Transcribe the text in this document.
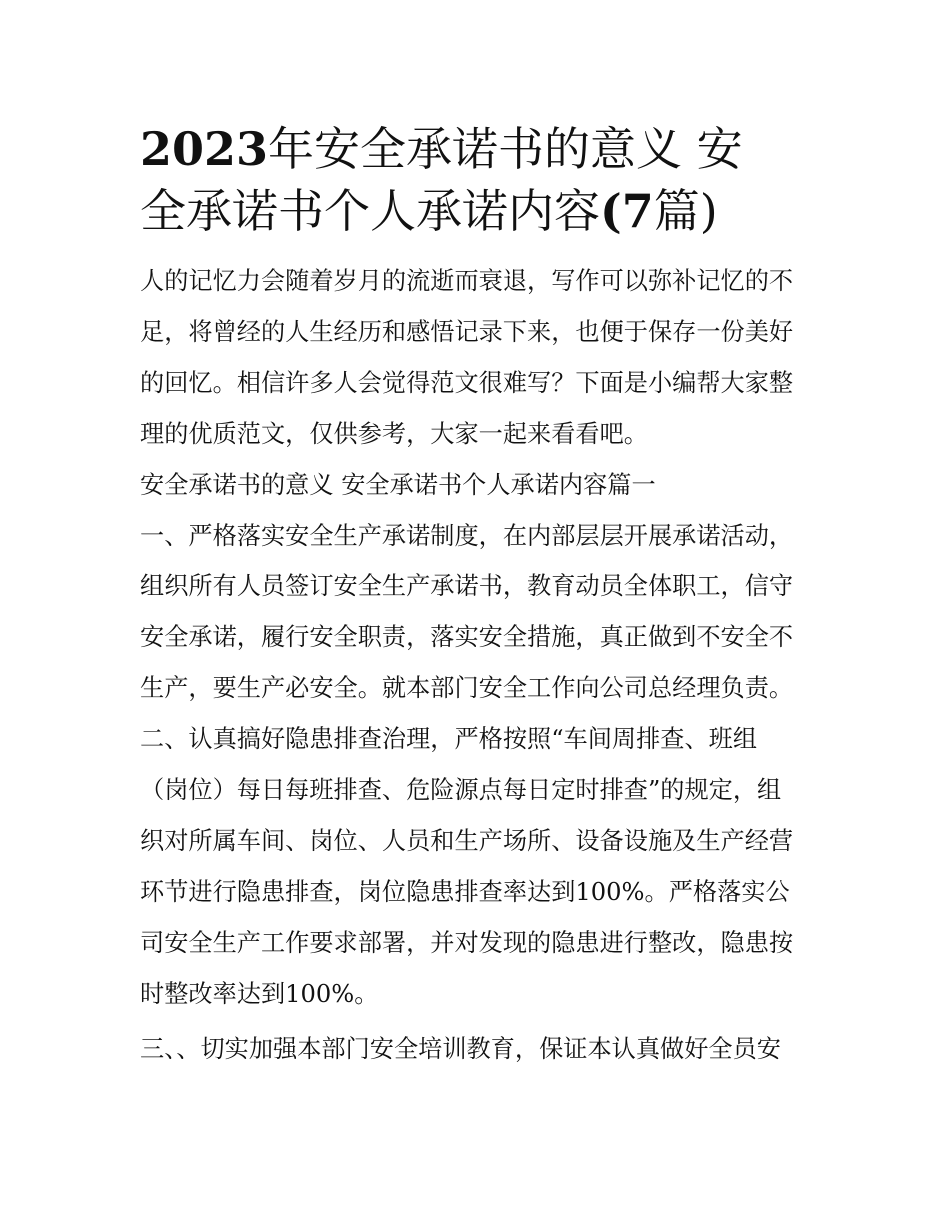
2023年安全承诺书的意义 安
全承诺书个人承诺内容(7篇)

人的记忆力会随着岁月的流逝而衰退，写作可以弥补记忆的不
足，将曾经的人生经历和感悟记录下来，也便于保存一份美好
的回忆。相信许多人会觉得范文很难写？下面是小编帮大家整
理的优质范文，仅供参考，大家一起来看看吧。

安全承诺书的意义 安全承诺书个人承诺内容篇一

一、严格落实安全生产承诺制度，在内部层层开展承诺活动，
组织所有人员签订安全生产承诺书，教育动员全体职工，信守
安全承诺，履行安全职责，落实安全措施，真正做到不安全不
生产，要生产必安全。就本部门安全工作向公司总经理负责。

二、认真搞好隐患排查治理，严格按照“车间周排查、班组
（岗位）每日每班排查、危险源点每日定时排查”的规定，组
织对所属车间、岗位、人员和生产场所、设备设施及生产经营
环节进行隐患排查，岗位隐患排查率达到100%。严格落实公
司安全生产工作要求部署，并对发现的隐患进行整改，隐患按
时整改率达到100%。

三、、切实加强本部门安全培训教育，保证本认真做好全员安
